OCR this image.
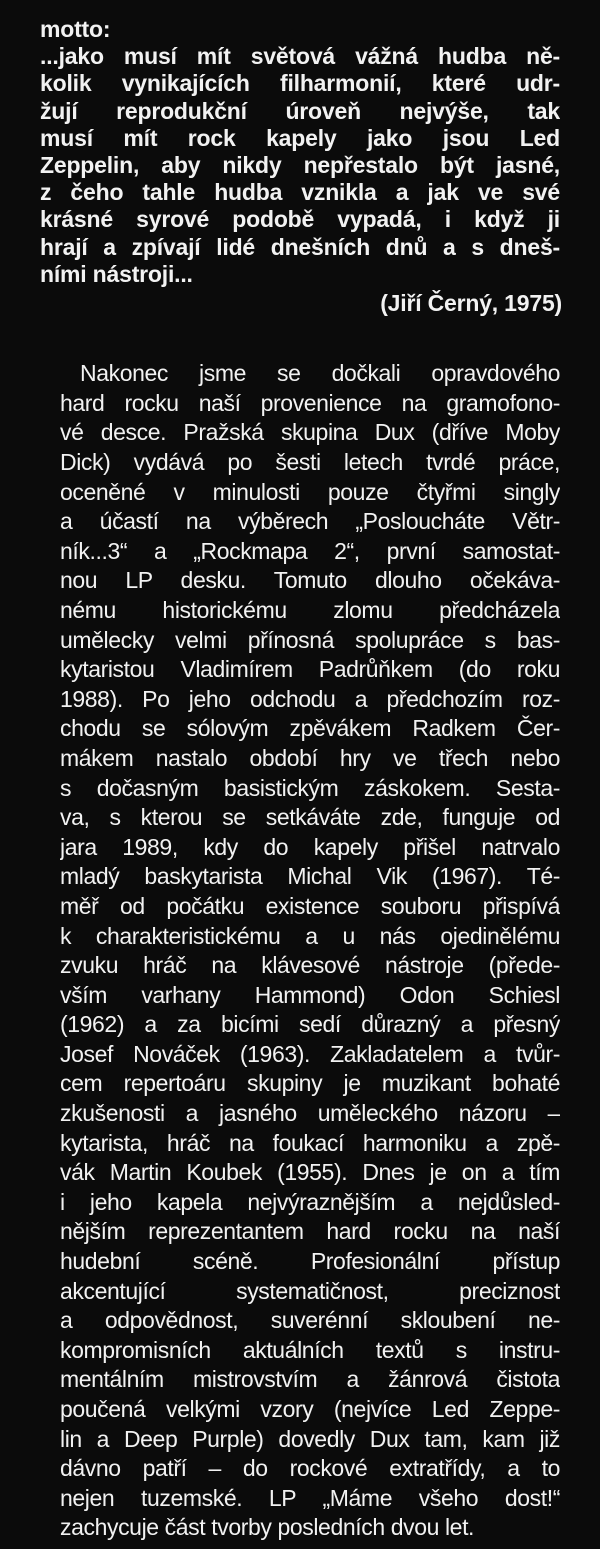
motto:
...jako musí mít světová vážná hudba ně-
kolik vynikajících filharmonií, které udr-
žují reprodukční úroveň nejvýše, tak
musí mít rock kapely jako jsou Led
Zeppelin, aby nikdy nepřestalo být jasné,
z čeho tahle hudba vznikla a jak ve své
krásné syrové podobě vypadá, i když ji
hrají a zpívají lidé dnešních dnů a s dneš-
ními nástroji...
(Jiří Černý, 1975)
Nakonec jsme se dočkali opravdového
hard rocku naší provenience na gramofono-
vé desce. Pražská skupina Dux (dříve Moby
Dick) vydává po šesti letech tvrdé práce,
oceněné v minulosti pouze čtyřmi singly
a účastí na výběrech „Posloucháte Větr-
ník...3“ a „Rockmapa 2“, první samostat-
nou LP desku. Tomuto dlouho očekáva-
nému historickému zlomu předcházela
umělecky velmi přínosná spolupráce s bas-
kytaristou Vladimírem Padrůňkem (do roku
1988). Po jeho odchodu a předchozím roz-
chodu se sólovým zpěvákem Radkem Čer-
mákem nastalo období hry ve třech nebo
s dočasným basistickým záskokem. Sesta-
va, s kterou se setkáváte zde, funguje od
jara 1989, kdy do kapely přišel natrvalo
mladý baskytarista Michal Vik (1967). Té-
měř od počátku existence souboru přispívá
k charakteristickému a u nás ojedinělému
zvuku hráč na klávesové nástroje (přede-
vším varhany Hammond) Odon Schiesl
(1962) a za bicími sedí důrazný a přesný
Josef Nováček (1963). Zakladatelem a tvůr-
cem repertoáru skupiny je muzikant bohaté
zkušenosti a jasného uměleckého názoru –
kytarista, hráč na foukací harmoniku a zpě-
vák Martin Koubek (1955). Dnes je on a tím
i jeho kapela nejvýraznějším a nejdůsled-
nějším reprezentantem hard rocku na naší
hudební scéně. Profesionální přístup
akcentující systematičnost, preciznost
a odpovědnost, suverénní skloubení ne-
kompromisních aktuálních textů s instru-
mentálním mistrovstvím a žánrová čistota
poučená velkými vzory (nejvíce Led Zeppe-
lin a Deep Purple) dovedly Dux tam, kam již
dávno patří – do rockové extratřídy, a to
nejen tuzemské. LP „Máme všeho dost!“
zachycuje část tvorby posledních dvou let.
